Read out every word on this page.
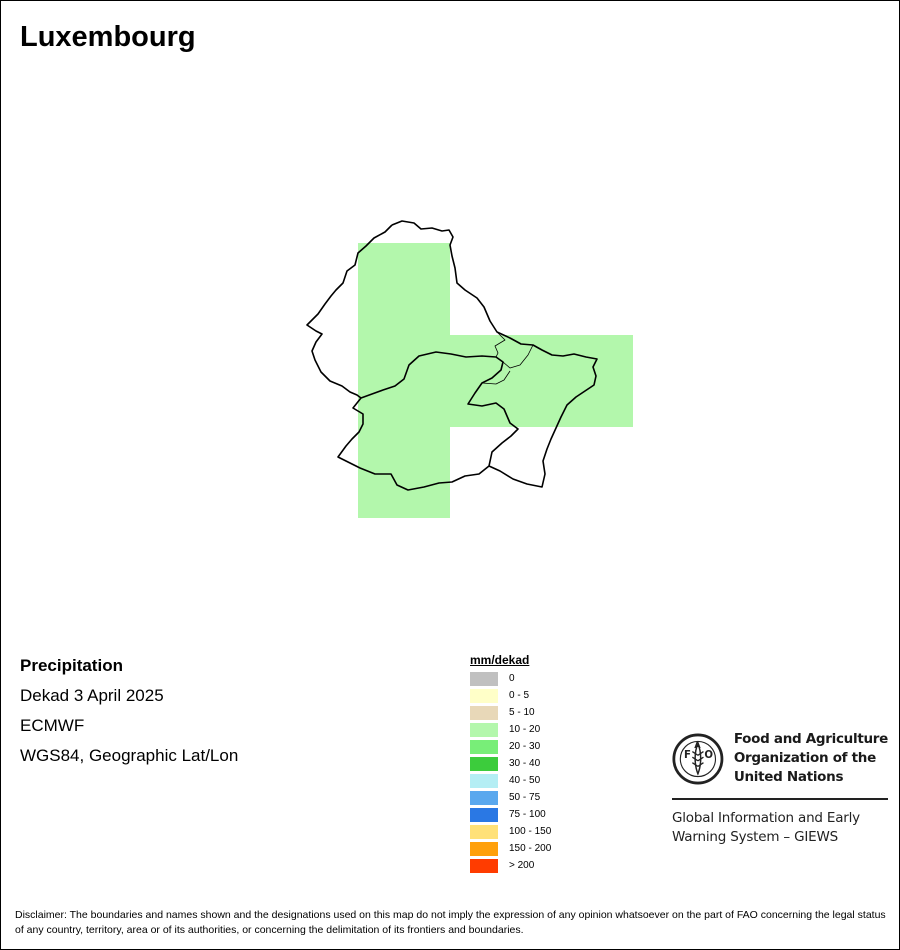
Luxembourg
Precipitation
Dekad 3 April 2025
ECMWF
WGS84, Geographic Lat/Lon
mm/dekad
0
0 - 5
5 - 10
10 - 20
20 - 30
30 - 40
40 - 50
50 - 75
75 - 100
100 - 150
150 - 200
> 200
F
A
O
Food and Agriculture
Organization of the
United Nations
Global Information and Early
Warning System – GIEWS
Disclaimer: The boundaries and names shown and the designations used on this map do not imply the expression of any opinion whatsoever on the part of FAO concerning the legal status of any country, territory, area or of its authorities, or concerning the delimitation of its frontiers and boundaries.
